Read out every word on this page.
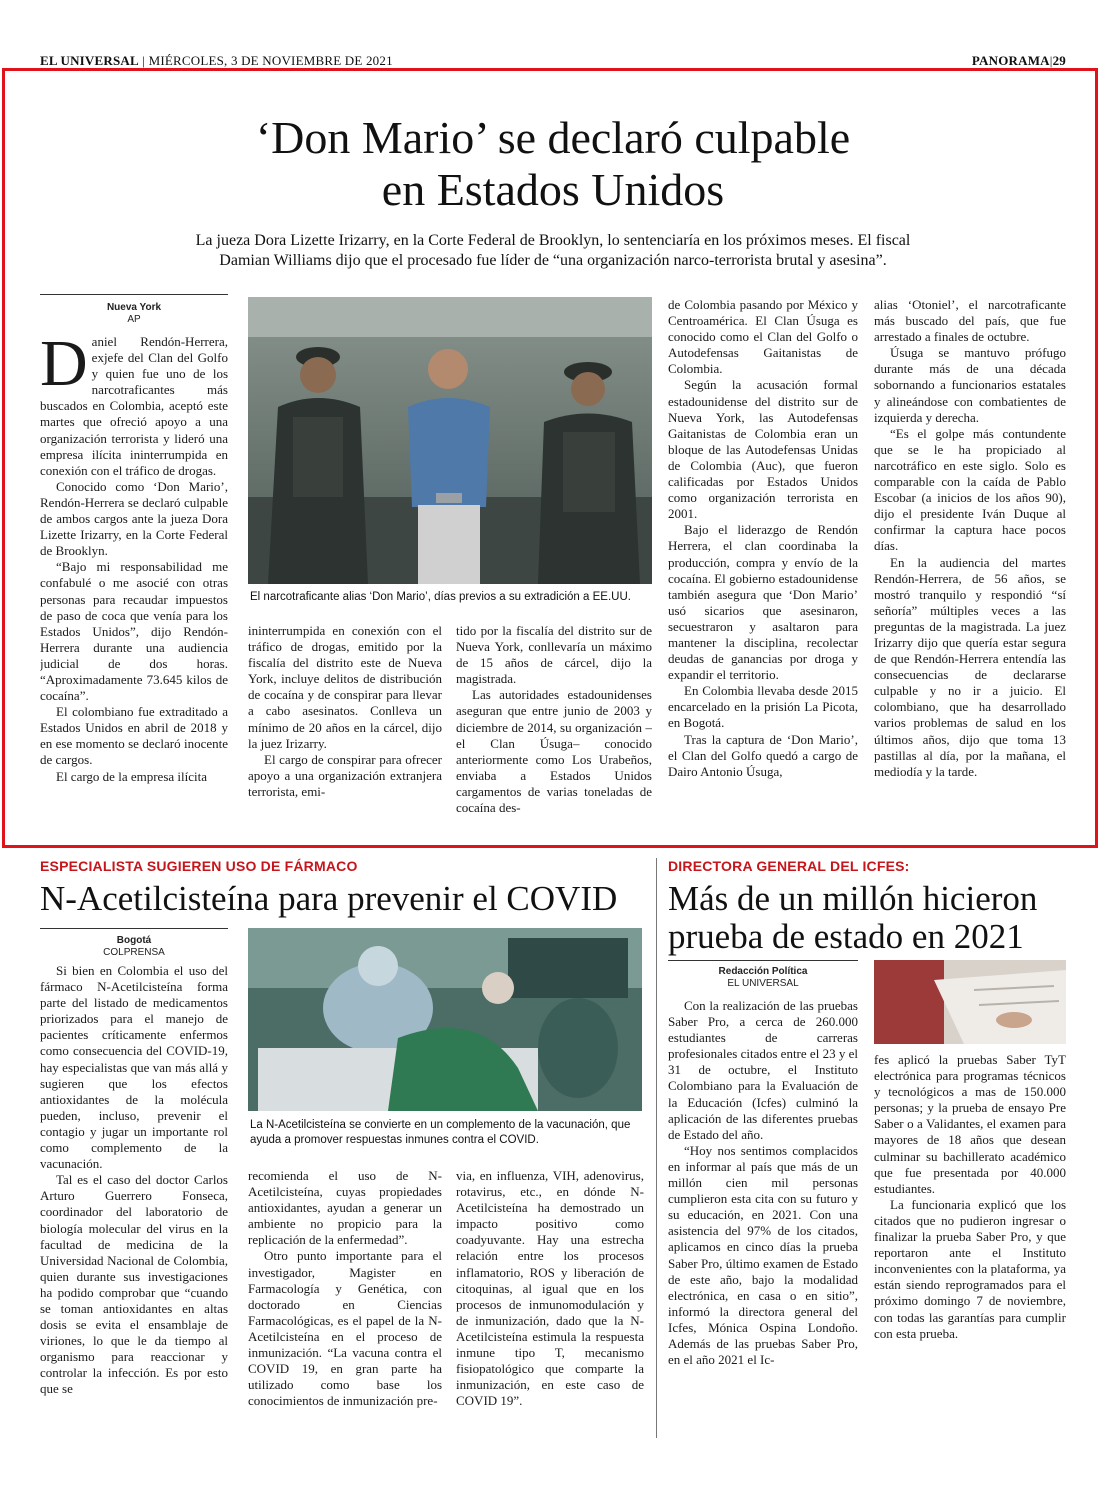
EL UNIVERSAL | MIÉRCOLES, 3 DE NOVIEMBRE DE 2021	PANORAMA|29
‘Don Mario’ se declaró culpable
en Estados Unidos
La jueza Dora Lizette Irizarry, en la Corte Federal de Brooklyn, lo sentenciaría en los próximos meses. El fiscal
Damian Williams dijo que el procesado fue líder de “una organización narco-terrorista brutal y asesina”.
Nueva York
AP

Daniel Rendón-Herrera, exjefe del Clan del Golfo y quien fue uno de los narcotraficantes más buscados en Colombia, aceptó este martes que ofreció apoyo a una organización terrorista y lideró una empresa ilícita ininterrumpida en conexión con el tráfico de drogas.

Conocido como ‘Don Mario’, Rendón-Herrera se declaró culpable de ambos cargos ante la jueza Dora Lizette Irizarry, en la Corte Federal de Brooklyn.

“Bajo mi responsabilidad me confabulé o me asocié con otras personas para recaudar impuestos de paso de coca que venía para los Estados Unidos”, dijo Rendón-Herrera durante una audiencia judicial de dos horas. “Aproximadamente 73.645 kilos de cocaína”.

El colombiano fue extraditado a Estados Unidos en abril de 2018 y en ese momento se declaró inocente de cargos.

El cargo de la empresa ilícita

El narcotraficante alias ‘Don Mario’, días previos a su extradición a EE.UU.

ininterrumpida en conexión con el tráfico de drogas, emitido por la fiscalía del distrito este de Nueva York, incluye delitos de distribución de cocaína y de conspirar para llevar a cabo asesinatos. Conlleva un mínimo de 20 años en la cárcel, dijo la juez Irizarry.

El cargo de conspirar para ofrecer apoyo a una organización extranjera terrorista, emi-

tido por la fiscalía del distrito sur de Nueva York, conllevaría un máximo de 15 años de cárcel, dijo la magistrada.

Las autoridades estadounidenses aseguran que entre junio de 2003 y diciembre de 2014, su organización –el Clan Úsuga– conocido anteriormente como Los Urabeños, enviaba a Estados Unidos cargamentos de varias toneladas de cocaína des-

de Colombia pasando por México y Centroamérica. El Clan Úsuga es conocido como el Clan del Golfo o Autodefensas Gaitanistas de Colombia.

Según la acusación formal estadounidense del distrito sur de Nueva York, las Autodefensas Gaitanistas de Colombia eran un bloque de las Autodefensas Unidas de Colombia (Auc), que fueron calificadas por Estados Unidos como organización terrorista en 2001.

Bajo el liderazgo de Rendón Herrera, el clan coordinaba la producción, compra y envío de la cocaína. El gobierno estadounidense también asegura que ‘Don Mario’ usó sicarios que asesinaron, secuestraron y asaltaron para mantener la disciplina, recolectar deudas de ganancias por droga y expandir el territorio.

En Colombia llevaba desde 2015 encarcelado en la prisión La Picota, en Bogotá.

Tras la captura de ‘Don Mario’, el Clan del Golfo quedó a cargo de Dairo Antonio Úsuga,

alias ‘Otoniel’, el narcotraficante más buscado del país, que fue arrestado a finales de octubre.

Úsuga se mantuvo prófugo durante más de una década sobornando a funcionarios estatales y alineándose con combatientes de izquierda y derecha.

“Es el golpe más contundente que se le ha propiciado al narcotráfico en este siglo. Solo es comparable con la caída de Pablo Escobar (a inicios de los años 90), dijo el presidente Iván Duque al confirmar la captura hace pocos días.

En la audiencia del martes Rendón-Herrera, de 56 años, se mostró tranquilo y respondió “sí señoría” múltiples veces a las preguntas de la magistrada. La juez Irizarry dijo que quería estar segura de que Rendón-Herrera entendía las consecuencias de declararse culpable y no ir a juicio. El colombiano, que ha desarrollado varios problemas de salud en los últimos años, dijo que toma 13 pastillas al día, por la mañana, el mediodía y la tarde.

ESPECIALISTA SUGIEREN USO DE FÁRMACO
N-Acetilcisteína para prevenir el COVID
Bogotá
COLPRENSA

Si bien en Colombia el uso del fármaco N-Acetilcisteína forma parte del listado de medicamentos priorizados para el manejo de pacientes críticamente enfermos como consecuencia del COVID-19, hay especialistas que van más allá y sugieren que los efectos antioxidantes de la molécula pueden, incluso, prevenir el contagio y jugar un importante rol como complemento de la vacunación.

Tal es el caso del doctor Carlos Arturo Guerrero Fonseca, coordinador del laboratorio de biología molecular del virus en la facultad de medicina de la Universidad Nacional de Colombia, quien durante sus investigaciones ha podido comprobar que “cuando se toman antioxidantes en altas dosis se evita el ensamblaje de viriones, lo que le da tiempo al organismo para reaccionar y controlar la infección. Es por esto que se

La N-Acetilcisteína se convierte en un complemento de la vacunación, que ayuda a promover respuestas inmunes contra el COVID.

recomienda el uso de N-Acetilcisteína, cuyas propiedades antioxidantes, ayudan a generar un ambiente no propicio para la replicación de la enfermedad”.

Otro punto importante para el investigador, Magister en Farmacología y Genética, con doctorado en Ciencias Farmacológicas, es el papel de la N-Acetilcisteína en el proceso de inmunización. “La vacuna contra el COVID 19, en gran parte ha utilizado como base los conocimientos de inmunización pre-

via, en influenza, VIH, adenovirus, rotavirus, etc., en dónde N-Acetilcisteína ha demostrado un impacto positivo como coadyuvante. Hay una estrecha relación entre los procesos inflamatorio, ROS y liberación de citoquinas, al igual que en los procesos de inmunomodulación y de inmunización, dado que la N-Acetilcisteína estimula la respuesta inmune tipo T, mecanismo fisiopatológico que comparte la inmunización, en este caso de COVID 19”.

DIRECTORA GENERAL DEL ICFES:
Más de un millón hicieron
prueba de estado en 2021
Redacción Política
EL UNIVERSAL

Con la realización de las pruebas Saber Pro, a cerca de 260.000 estudiantes de carreras profesionales citados entre el 23 y el 31 de octubre, el Instituto Colombiano para la Evaluación de la Educación (Icfes) culminó la aplicación de las diferentes pruebas de Estado del año.

“Hoy nos sentimos complacidos en informar al país que más de un millón cien mil personas cumplieron esta cita con su futuro y su educación, en 2021. Con una asistencia del 97% de los citados, aplicamos en cinco días la prueba Saber Pro, último examen de Estado de este año, bajo la modalidad electrónica, en casa o en sitio”, informó la directora general del Icfes, Mónica Ospina Londoño. Además de las pruebas Saber Pro, en el año 2021 el Ic-

fes aplicó la pruebas Saber TyT electrónica para programas técnicos y tecnológicos a mas de 150.000 personas; y la prueba de ensayo Pre Saber o a Validantes, el examen para mayores de 18 años que desean culminar su bachillerato académico que fue presentada por 40.000 estudiantes.

La funcionaria explicó que los citados que no pudieron ingresar o finalizar la prueba Saber Pro, y que reportaron ante el Instituto inconvenientes con la plataforma, ya están siendo reprogramados para el próximo domingo 7 de noviembre, con todas las garantías para cumplir con esta prueba.
